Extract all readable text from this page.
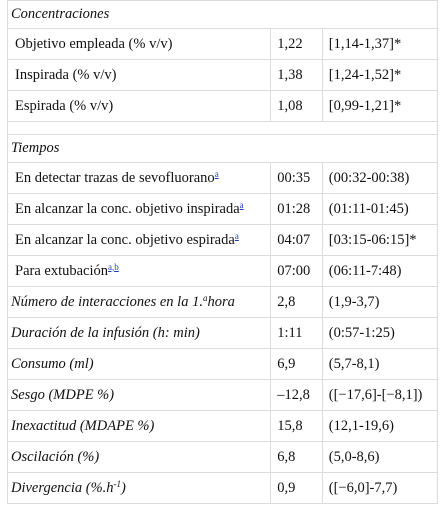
Concentraciones		
Objetivo empleada (% v/v)	1,22	[1,14-1,37]*
Inspirada (% v/v)	1,38	[1,24-1,52]*
Espirada (% v/v)	1,08	[0,99-1,21]*

Tiempos		
En detectar trazas de sevofluorano$^a$	00:35	(00:32-00:38)
En alcanzar la conc. objetivo inspirada$^a$	01:28	(01:11-01:45)
En alcanzar la conc. objetivo espirada$^a$	04:07	[03:15-06:15]*
Para extubación$^{a,b}$	07:00	(06:11-7:48)
Número de interacciones en la 1.$^a$hora	2,8	(1,9-3,7)
Duración de la infusión (h: min)	1:11	(0:57-1:25)
Consumo (ml)	6,9	(5,7-8,1)
Sesgo (MDPE %)	–12,8	([−17,6]-[−8,1])
Inexactitud (MDAPE %)	15,8	(12,1-19,6)
Oscilación (%)	6,8	(5,0-8,6)
Divergencia $(\%.h^{-1})$	0,9	([−6,0]-7,7)
